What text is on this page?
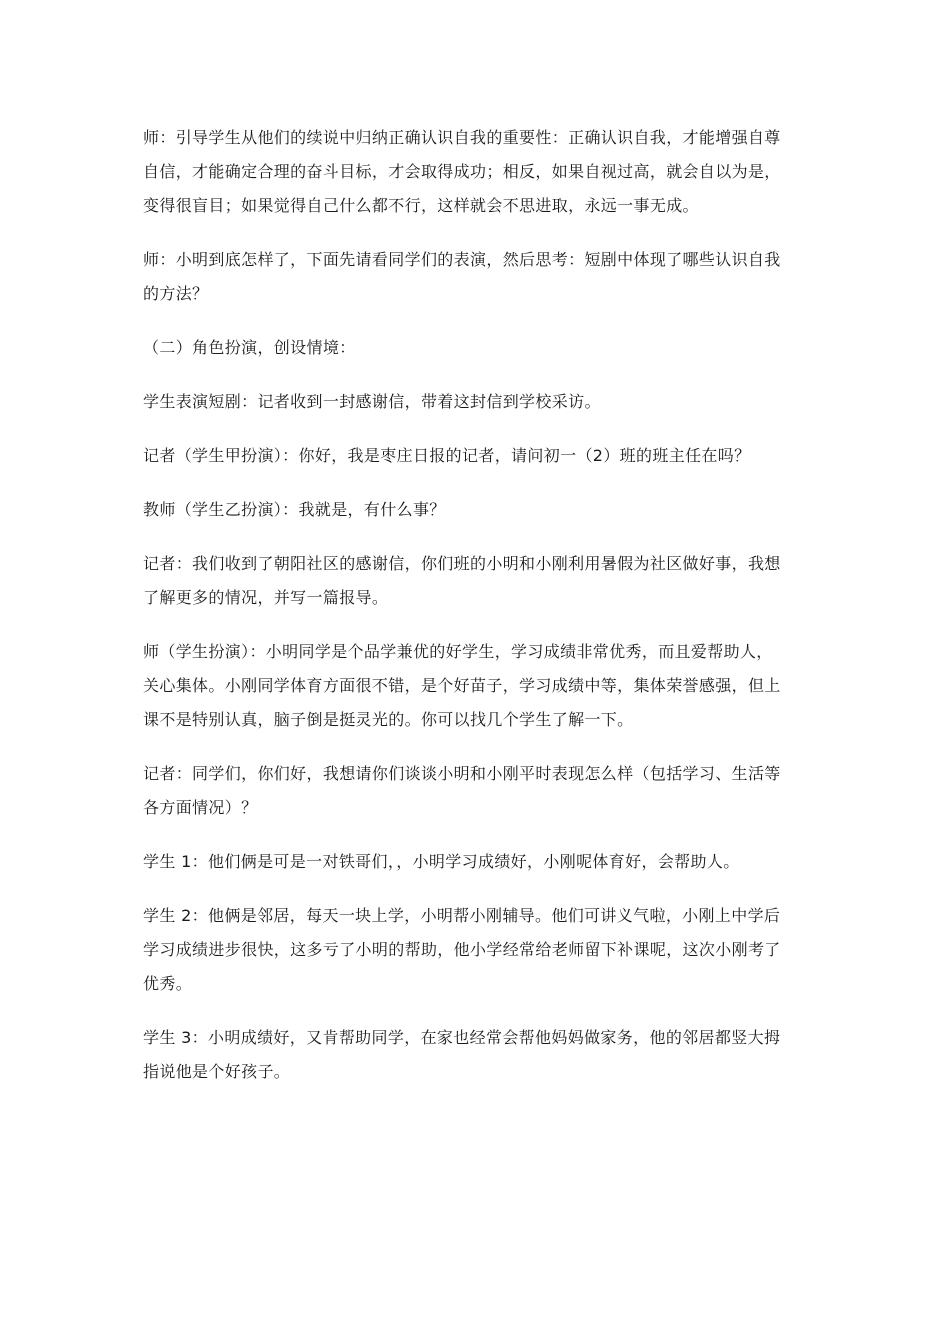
师：引导学生从他们的续说中归纳正确认识自我的重要性：正确认识自我，才能增强自尊
自信，才能确定合理的奋斗目标，才会取得成功；相反，如果自视过高，就会自以为是，
变得很盲目；如果觉得自己什么都不行，这样就会不思进取，永远一事无成。
师：小明到底怎样了，下面先请看同学们的表演，然后思考：短剧中体现了哪些认识自我
的方法？
（二）角色扮演，创设情境：
学生表演短剧：记者收到一封感谢信，带着这封信到学校采访。
记者（学生甲扮演）：你好，我是枣庄日报的记者，请问初一（2）班的班主任在吗？
教师（学生乙扮演）：我就是，有什么事？
记者：我们收到了朝阳社区的感谢信，你们班的小明和小刚利用暑假为社区做好事，我想
了解更多的情况，并写一篇报导。
师（学生扮演）：小明同学是个品学兼优的好学生，学习成绩非常优秀，而且爱帮助人，
关心集体。小刚同学体育方面很不错，是个好苗子，学习成绩中等，集体荣誉感强，但上
课不是特别认真，脑子倒是挺灵光的。你可以找几个学生了解一下。
记者：同学们，你们好，我想请你们谈谈小明和小刚平时表现怎么样（包括学习、生活等
各方面情况）？
学生 1：他们俩是可是一对铁哥们，，小明学习成绩好，小刚呢体育好，会帮助人。
学生 2：他俩是邻居，每天一块上学，小明帮小刚辅导。他们可讲义气啦，小刚上中学后
学习成绩进步很快，这多亏了小明的帮助，他小学经常给老师留下补课呢，这次小刚考了
优秀。
学生 3：小明成绩好，又肯帮助同学，在家也经常会帮他妈妈做家务，他的邻居都竖大拇
指说他是个好孩子。
